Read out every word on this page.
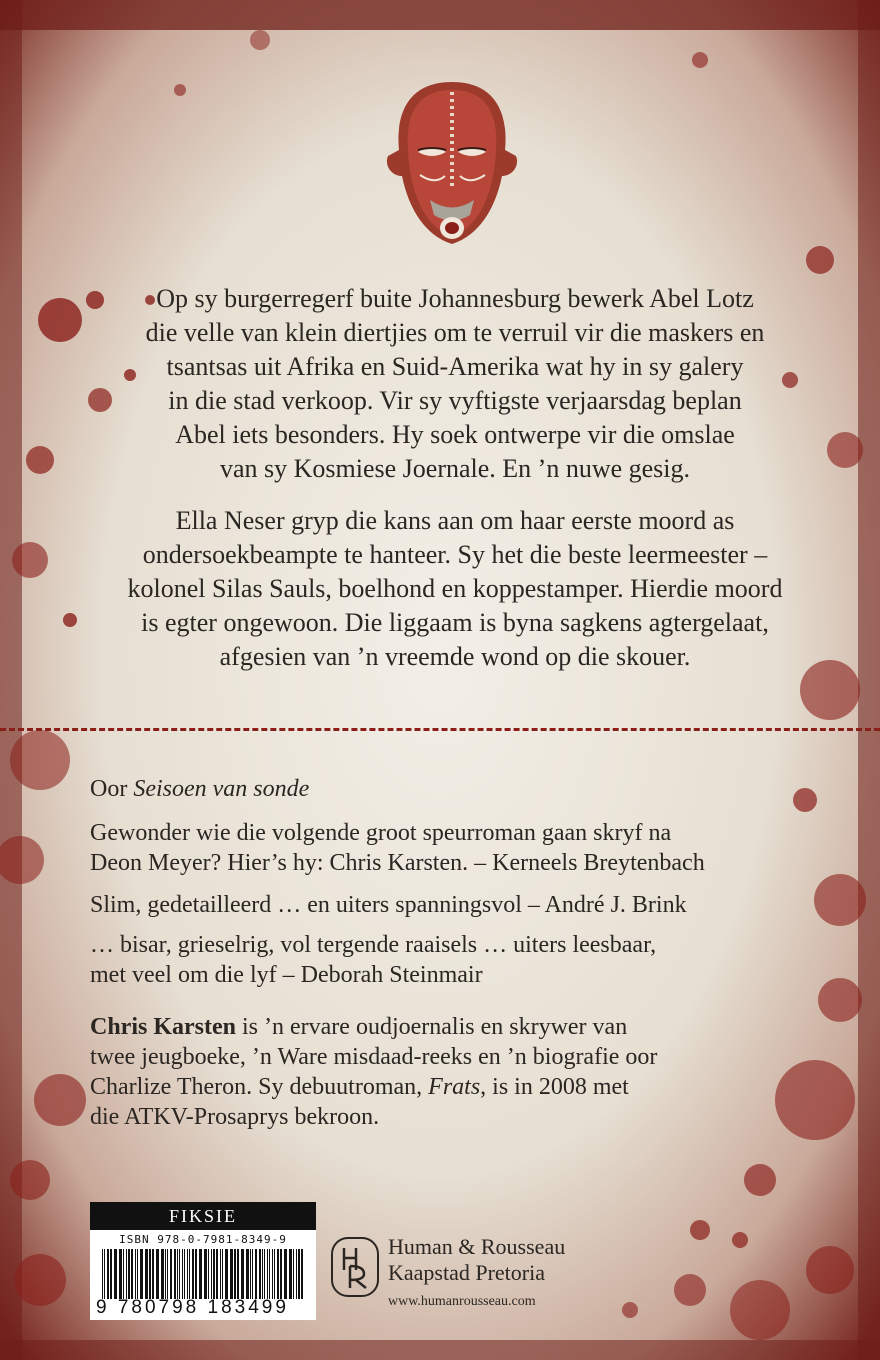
Op sy burgerregerf buite Johannesburg bewerk Abel Lotz

die velle van klein diertjies om te verruil vir die maskers en

tsantsas uit Afrika en Suid-Amerika wat hy in sy galery

in die stad verkoop. Vir sy vyftigste verjaarsdag beplan

Abel iets besonders. Hy soek ontwerpe vir die omslae

van sy Kosmiese Joernale. En ’n nuwe gesig.

Ella Neser gryp die kans aan om haar eerste moord as

ondersoekbeampte te hanteer. Sy het die beste leermeester –

kolonel Silas Sauls, boelhond en koppestamper. Hierdie moord

is egter ongewoon. Die liggaam is byna sagkens agtergelaat,

afgesien van ’n vreemde wond op die skouer.

Oor Seisoen van sonde

Gewonder wie die volgende groot speurroman gaan skryf na

Deon Meyer? Hier’s hy: Chris Karsten. – Kerneels Breytenbach

Slim, gedetailleerd … en uiters spanningsvol – André J. Brink

… bisar, grieselrig, vol tergende raaisels … uiters leesbaar,

met veel om die lyf – Deborah Steinmair

Chris Karsten is ’n ervare oudjoernalis en skrywer van

twee jeugboeke, ’n Ware misdaad-reeks en ’n biografie oor

Charlize Theron. Sy debuutroman, Frats, is in 2008 met

die ATKV-Prosaprys bekroon.

FIKSIE
ISBN 978-0-7981-8349-9
9 780798 183499
Human & Rousseau
Kaapstad Pretoria
www.humanrousseau.com
